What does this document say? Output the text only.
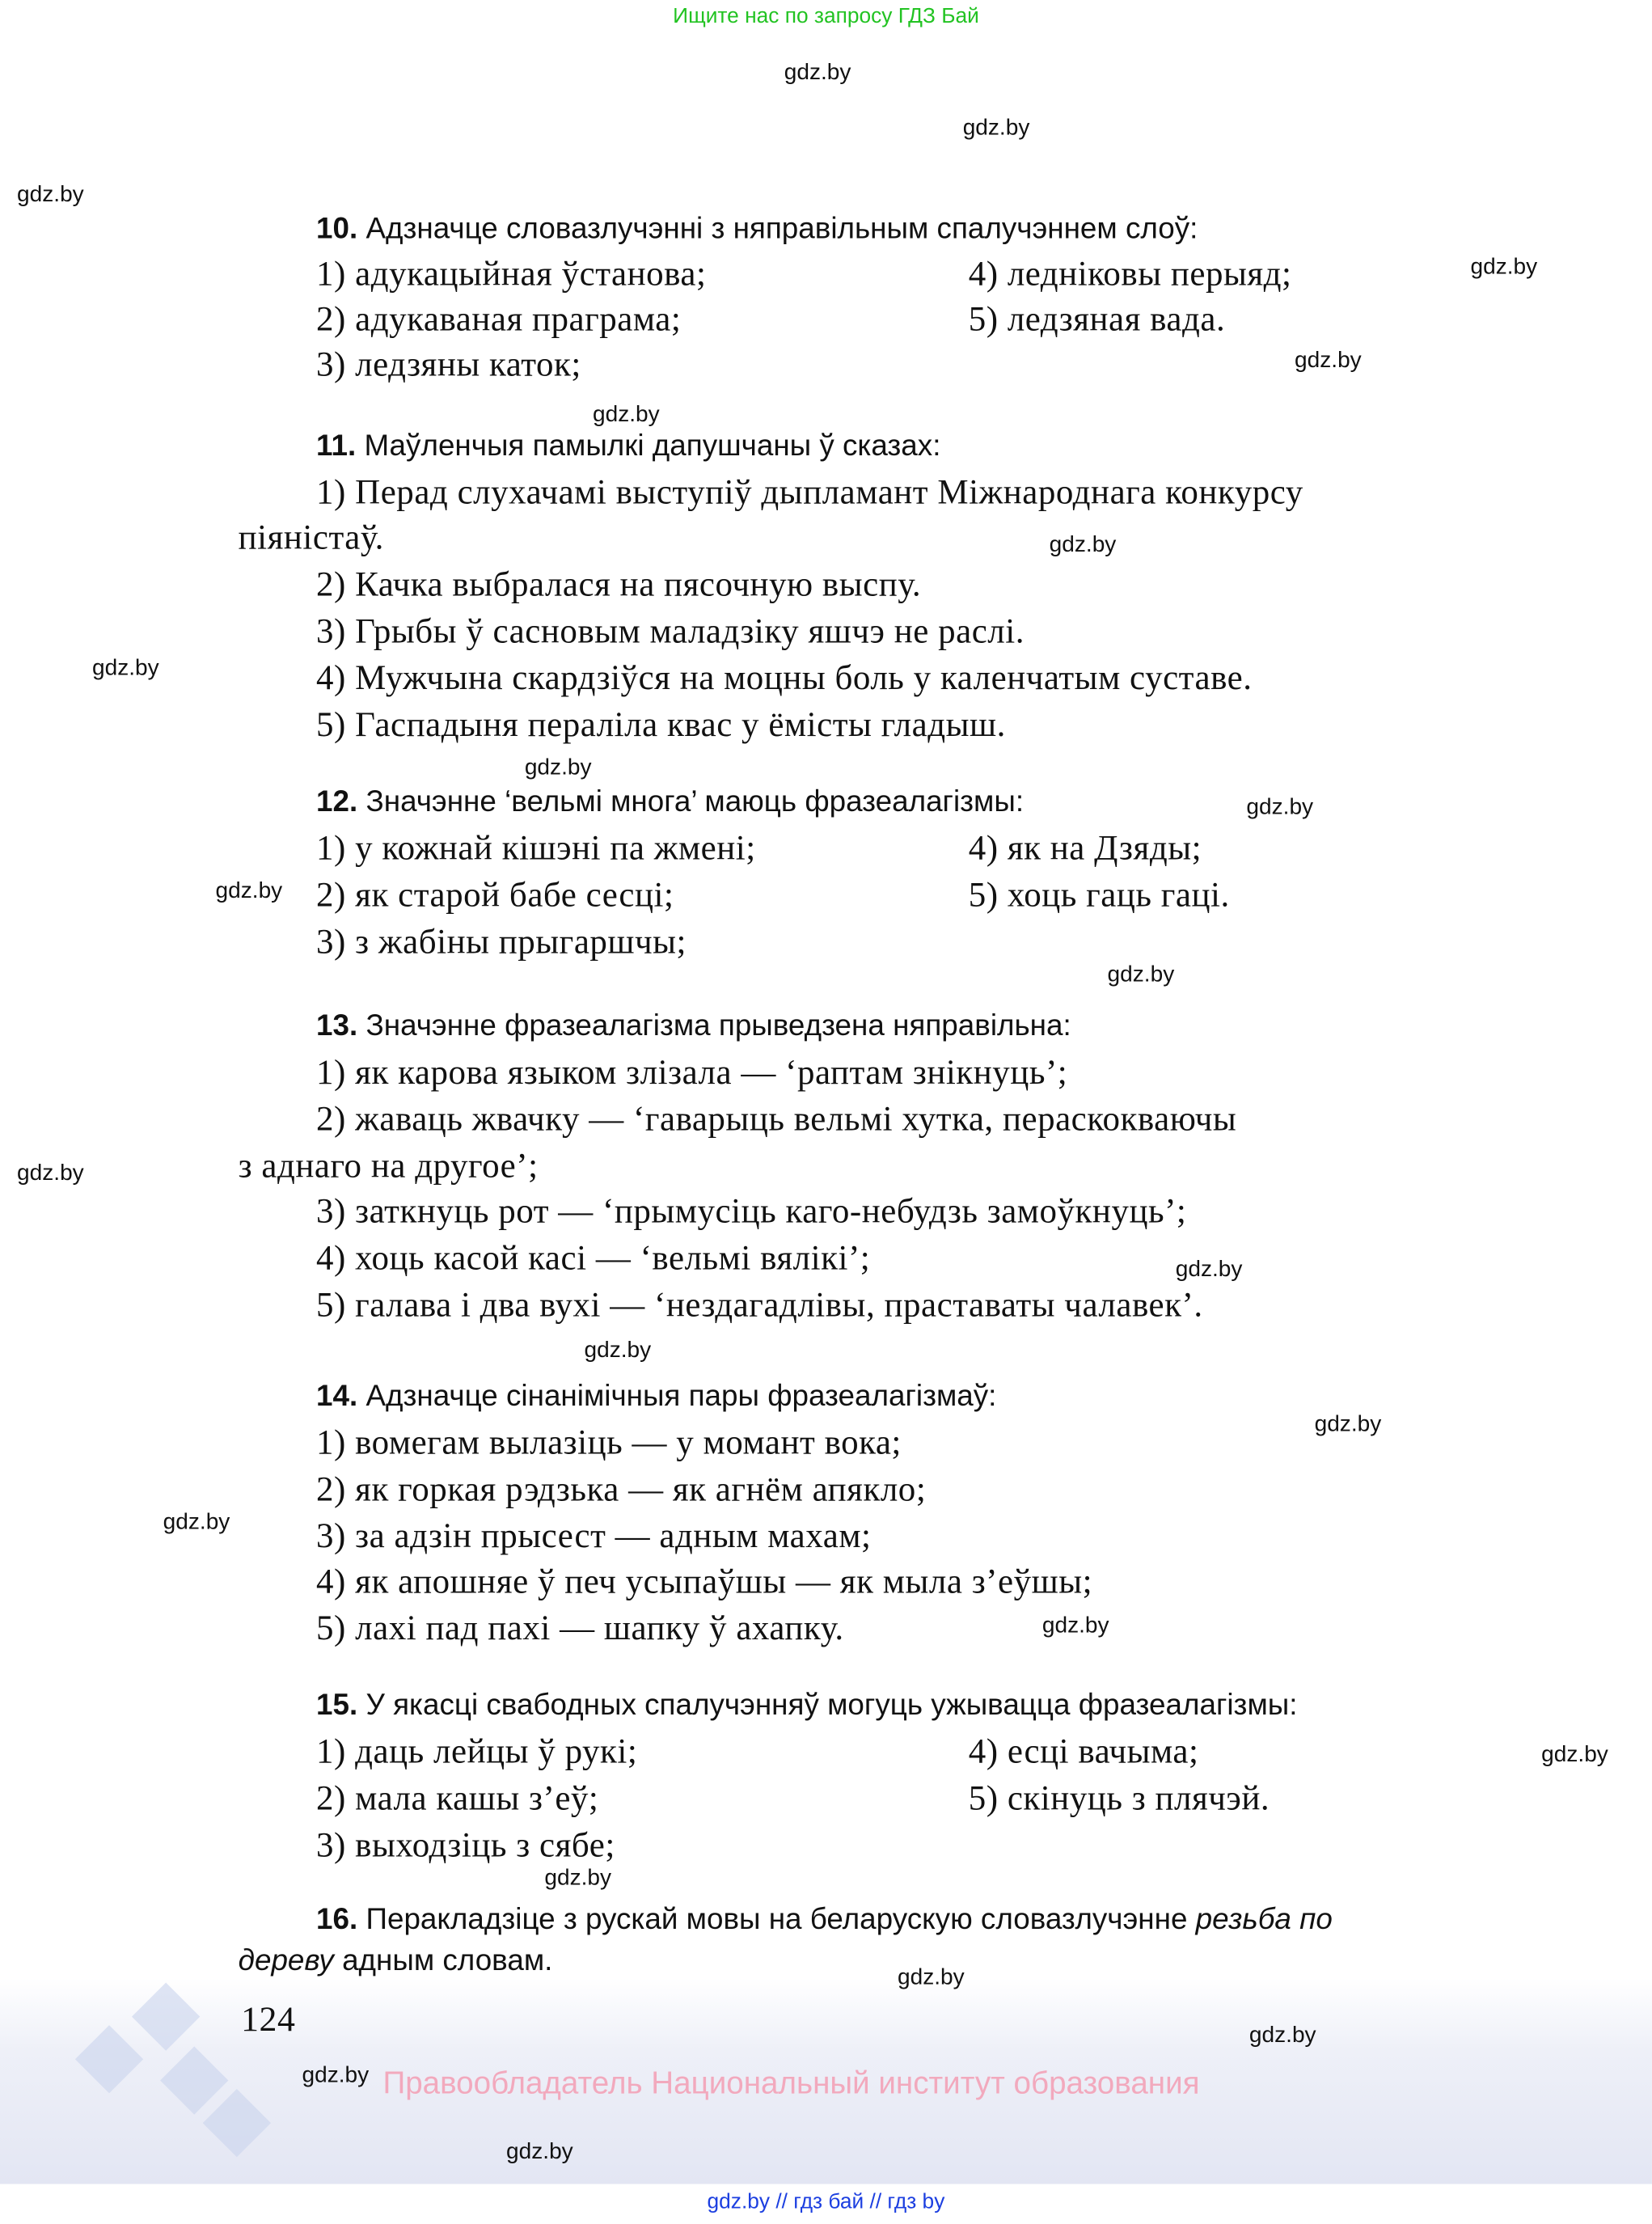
Ищите нас по запросу ГДЗ Бай
Правообладатель Национальный институт образования
gdz.by // гдз бай // гдз by
10. Адзначце словазлучэнні з няправільным спалучэннем слоў:
1) адукацыйная ўстанова;
2) адукаваная праграма;
3) ледзяны каток;
4) ледніковы перыяд;
5) ледзяная вада.
11. Маўленчыя памылкі дапушчаны ў сказах:
1) Перад слухачамі выступіў дыпламант Міжнароднага конкурсу
піяністаў.
2) Качка выбралася на пясочную выспу.
3) Грыбы ў сасновым маладзіку яшчэ не раслі.
4) Мужчына скардзіўся на моцны боль у каленчатым суставе.
5) Гаспадыня пераліла квас у ёмісты гладыш.
12. Значэнне ‘вельмі многа’ маюць фразеалагізмы:
1) у кожнай кішэні па жмені;
2) як старой бабе сесці;
3) з жабіны прыгаршчы;
4) як на Дзяды;
5) хоць гаць гаці.
13. Значэнне фразеалагізма прыведзена няправільна:
1) як карова языком злізала — ‘раптам знікнуць’;
2) жаваць жвачку — ‘гаварыць вельмі хутка, пераскокваючы
з аднаго на другое’;
3) заткнуць рот — ‘прымусіць каго-небудзь замоўкнуць’;
4) хоць касой касі — ‘вельмі вялікі’;
5) галава і два вухі — ‘нездагадлівы, праставаты чалавек’.
14. Адзначце сінанімічныя пары фразеалагізмаў:
1) вомегам вылазіць — у момант вока;
2) як горкая рэдзька — як агнём апякло;
3) за адзін прысест — адным махам;
4) як апошняе ў печ усыпаўшы — як мыла з’еўшы;
5) лахі пад пахі — шапку ў ахапку.
15. У якасці свабодных спалучэнняў могуць ужывацца фразеалагізмы:
1) даць лейцы ў рукі;
2) мала кашы з’еў;
3) выходзіць з сябе;
4) есці вачыма;
5) скінуць з плячэй.
16. Перакладзіце з рускай мовы на беларускую словазлучэнне резьба по
дереву адным словам.
124
gdz.by
gdz.by
gdz.by
gdz.by
gdz.by
gdz.by
gdz.by
gdz.by
gdz.by
gdz.by
gdz.by
gdz.by
gdz.by
gdz.by
gdz.by
gdz.by
gdz.by
gdz.by
gdz.by
gdz.by
gdz.by
gdz.by
gdz.by
gdz.by
